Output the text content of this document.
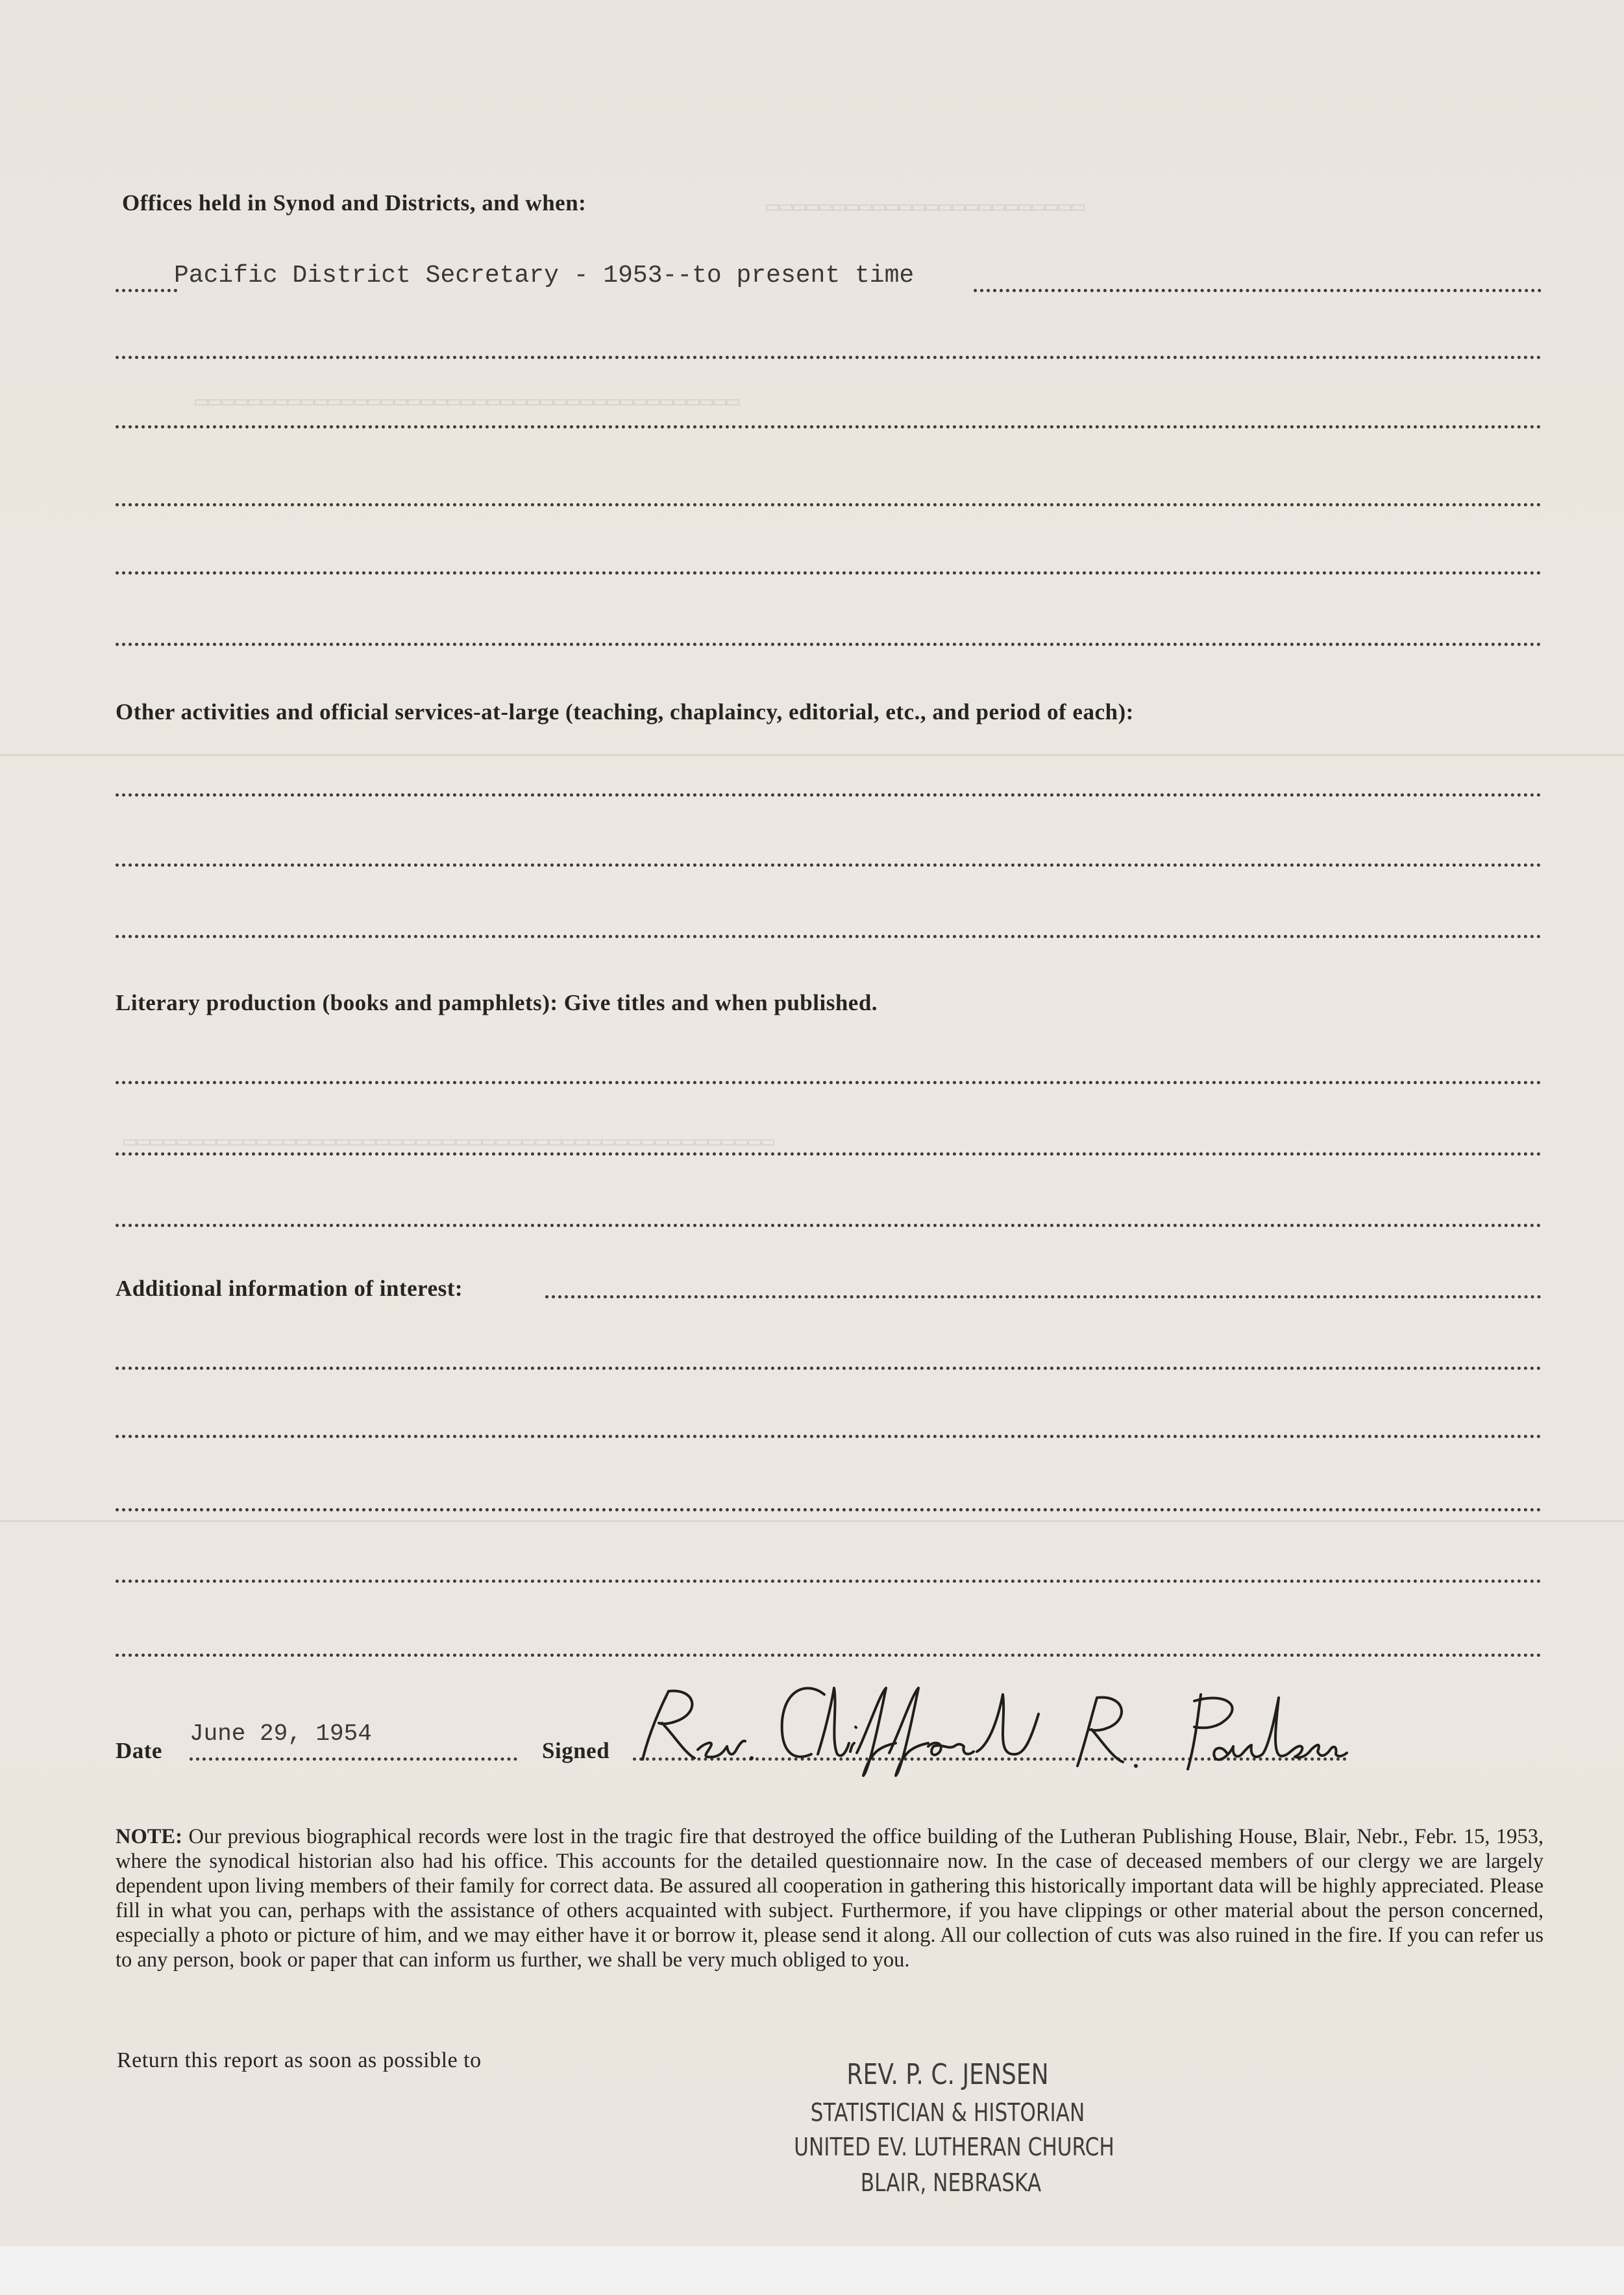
▭▭▭▭▭▭▭▭▭▭▭▭▭▭▭▭▭▭▭▭▭▭▭▭
▭▭▭▭▭▭▭▭▭▭▭▭▭▭▭▭▭▭▭▭▭▭▭▭▭▭▭▭▭▭▭▭▭▭▭▭▭▭▭▭▭
▭▭▭▭▭▭▭▭▭▭▭▭▭▭▭▭▭▭▭▭▭▭▭▭▭▭▭▭▭▭▭▭▭▭▭▭▭▭▭▭▭▭▭▭▭▭▭▭▭
Offices held in Synod and Districts, and when:
Pacific District Secretary - 1953--to present time
Other activities and official services-at-large (teaching, chaplaincy, editorial, etc., and period of each):
Literary production (books and pamphlets): Give titles and when published.
Additional information of interest:
Date
June 29, 1954
Signed
NOTE: Our previous biographical records were lost in the tragic fire that destroyed the office building of the Lutheran Publishing House, Blair, Nebr., Febr. 15, 1953, where the synodical historian also had his office. This accounts for the detailed questionnaire now. In the case of deceased members of our clergy we are largely dependent upon living members of their family for correct data. Be assured all cooperation in gathering this historically important data will be highly appreciated. Please fill in what you can, perhaps with the assistance of others acquainted with subject. Furthermore, if you have clippings or other material about the person concerned, especially a photo or picture of him, and we may either have it or borrow it, please send it along. All our collection of cuts was also ruined in the fire. If you can refer us to any person, book or paper that can inform us further, we shall be very much obliged to you.
Return this report as soon as possible to	REV. P. C. JENSEN
STATISTICIAN & HISTORIAN
UNITED EV. LUTHERAN CHURCH
BLAIR, NEBRASKA
